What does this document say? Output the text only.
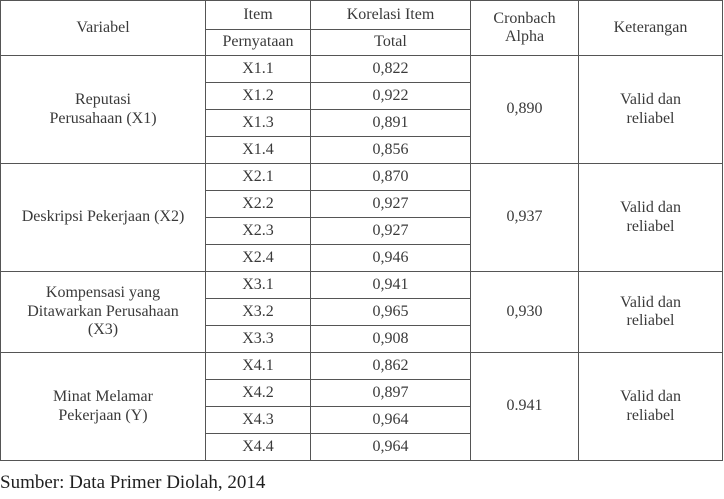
Variabel	Item	Korelasi Item	Cronbach Alpha	Keterangan
	Pernyataan	Total		
Reputasi Perusahaan (X1)	X1.1	0,822	0,890	Valid dan reliabel
	X1.2	0,922		
	X1.3	0,891		
	X1.4	0,856		
Deskripsi Pekerjaan (X2)	X2.1	0,870	0,937	Valid dan reliabel
	X2.2	0,927		
	X2.3	0,927		
	X2.4	0,946		
Kompensasi yang Ditawarkan Perusahaan (X3)	X3.1	0,941	0,930	Valid dan reliabel
	X3.2	0,965		
	X3.3	0,908		
Minat Melamar Pekerjaan (Y)	X4.1	0,862	0.941	Valid dan reliabel
	X4.2	0,897		
	X4.3	0,964		
	X4.4	0,964		
Sumber: Data Primer Diolah, 2014
